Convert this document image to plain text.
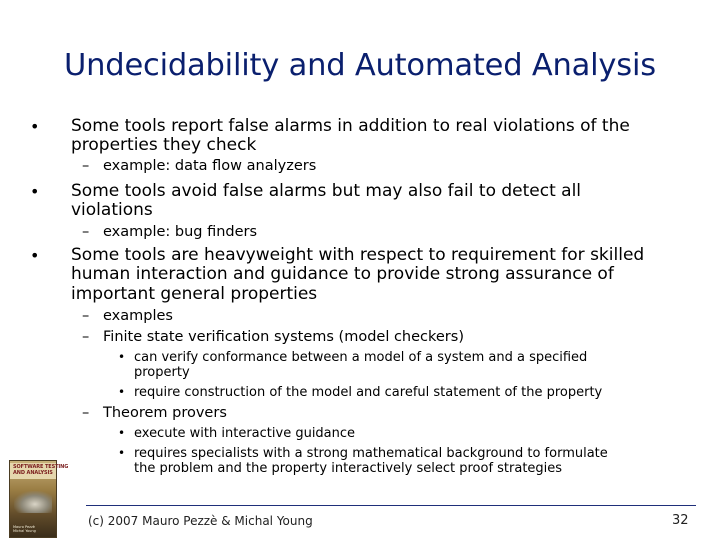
Undecidability and Automated Analysis
• Some tools report false alarms in addition to real violations of the
properties they check
– example: data flow analyzers
• Some tools avoid false alarms but may also fail to detect all
violations
– example: bug finders
• Some tools are heavyweight with respect to requirement for skilled
human interaction and guidance to provide strong assurance of
important general properties
– examples
– Finite state verification systems (model checkers)
• can verify conformance between a model of a system and a specified
property
• require construction of the model and careful statement of the property
– Theorem provers
• execute with interactive guidance
• requires specialists with a strong mathematical background to formulate
the problem and the property interactively select proof strategies
SOFTWARE TESTING
AND ANALYSIS
Mauro Pezzè
Michal Young
(c) 2007 Mauro Pezzè & Michal Young	32
